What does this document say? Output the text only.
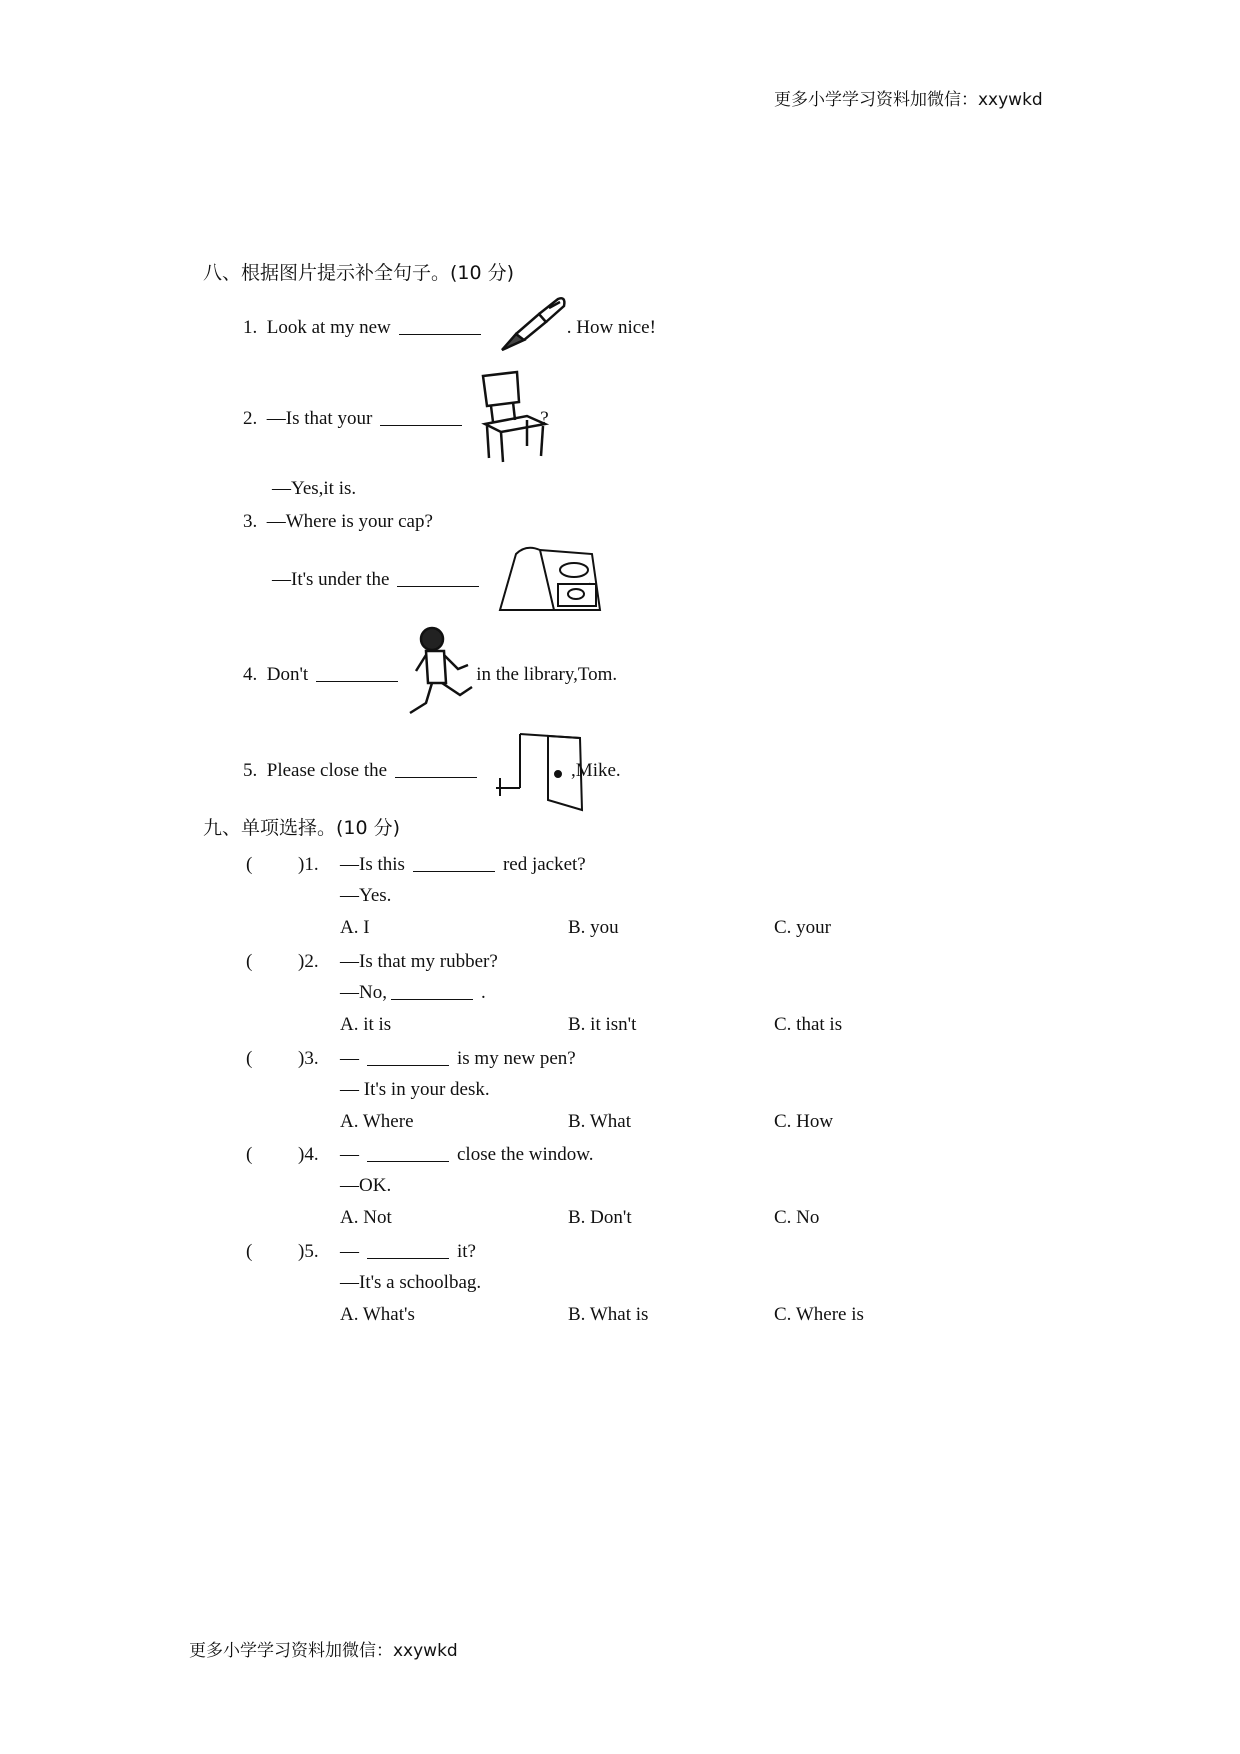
更多小学学习资料加微信：xxywkd
八、根据图片提示补全句子。(10 分)
1. Look at my new	. How nice!
2. —Is that your	?
—Yes,it is.
3. —Where is your cap?
—It's under the	.
4. Don't	in the library,Tom.
5. Please close the	,Mike.
九、单项选择。(10 分)
更多小学学习资料加微信：xxywkd
( )1. —Is this	red jacket?
—Yes.
A. I	B. you	C. your
( )2. —Is that my rubber?
—No,	.
A. it is	B. it isn't	C. that is
( )3. —	is my new pen?
— It's in your desk.
A. Where	B. What	C. How
( )4. —	close the window.
—OK.
A. Not	B. Don't	C. No
( )5. —	it?
—It's a schoolbag.
A. What's	B. What is	C. Where is
